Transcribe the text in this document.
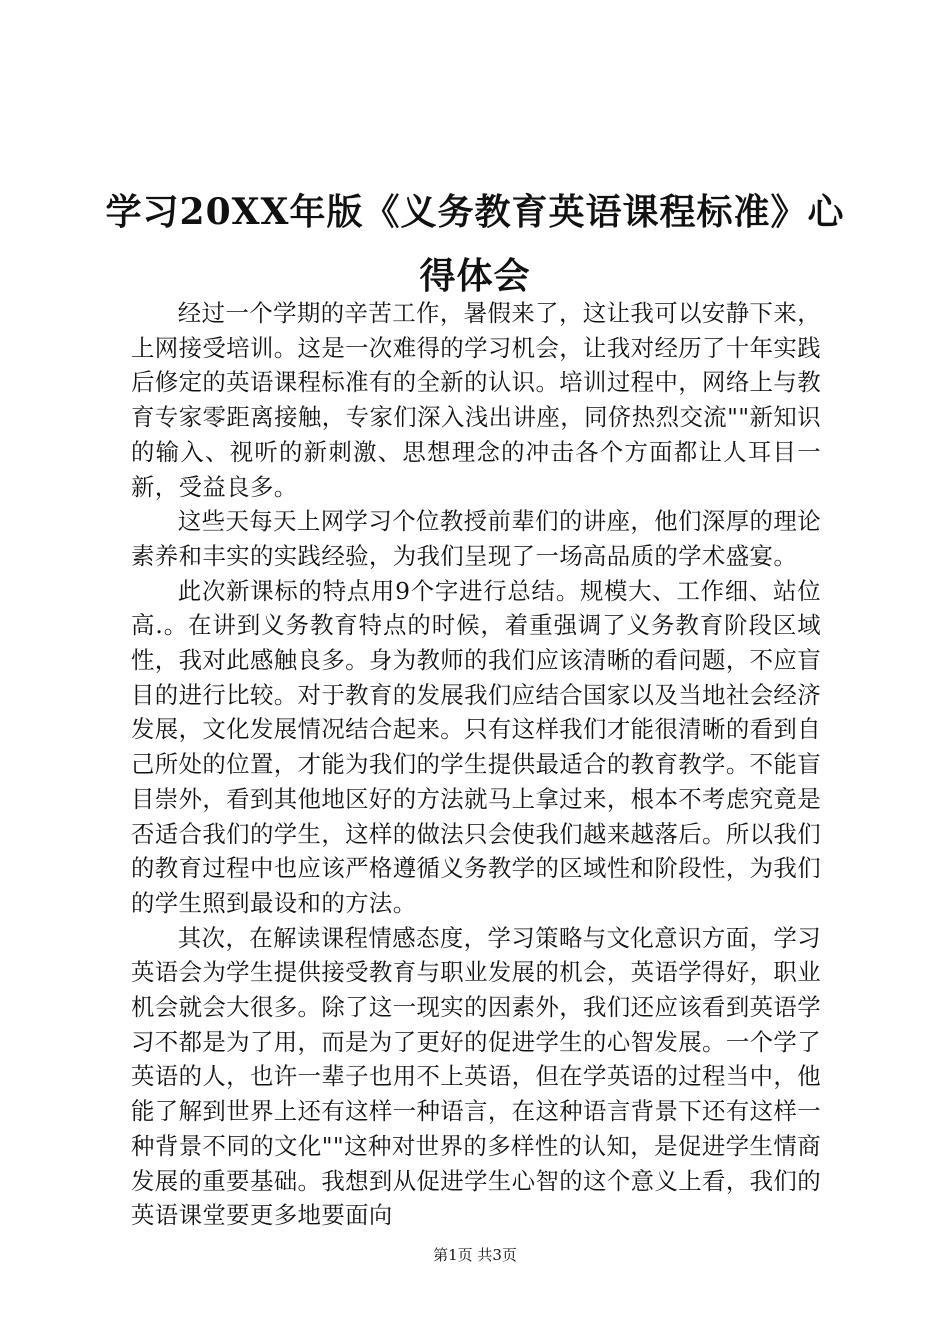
学习20XX年版《义务教育英语课程标准》心得体会

经过一个学期的辛苦工作，暑假来了，这让我可以安静下来，上网接受培训。这是一次难得的学习机会，让我对经历了十年实践后修定的英语课程标准有的全新的认识。培训过程中，网络上与教育专家零距离接触，专家们深入浅出讲座，同侪热烈交流""新知识的输入、视听的新刺激、思想理念的冲击各个方面都让人耳目一新，受益良多。

这些天每天上网学习个位教授前辈们的讲座，他们深厚的理论素养和丰实的实践经验，为我们呈现了一场高品质的学术盛宴。

此次新课标的特点用9个字进行总结。规模大、工作细、站位高.。在讲到义务教育特点的时候，着重强调了义务教育阶段区域性，我对此感触良多。身为教师的我们应该清晰的看问题，不应盲目的进行比较。对于教育的发展我们应结合国家以及当地社会经济发展，文化发展情况结合起来。只有这样我们才能很清晰的看到自己所处的位置，才能为我们的学生提供最适合的教育教学。不能盲目崇外，看到其他地区好的方法就马上拿过来，根本不考虑究竟是否适合我们的学生，这样的做法只会使我们越来越落后。所以我们的教育过程中也应该严格遵循义务教学的区域性和阶段性，为我们的学生照到最设和的方法。

其次，在解读课程情感态度，学习策略与文化意识方面，学习英语会为学生提供接受教育与职业发展的机会，英语学得好，职业机会就会大很多。除了这一现实的因素外，我们还应该看到英语学习不都是为了用，而是为了更好的促进学生的心智发展。一个学了英语的人，也许一辈子也用不上英语，但在学英语的过程当中，他能了解到世界上还有这样一种语言，在这种语言背景下还有这样一种背景不同的文化""这种对世界的多样性的认知，是促进学生情商发展的重要基础。我想到从促进学生心智的这个意义上看，我们的英语课堂要更多地要面向

第1页 共3页
